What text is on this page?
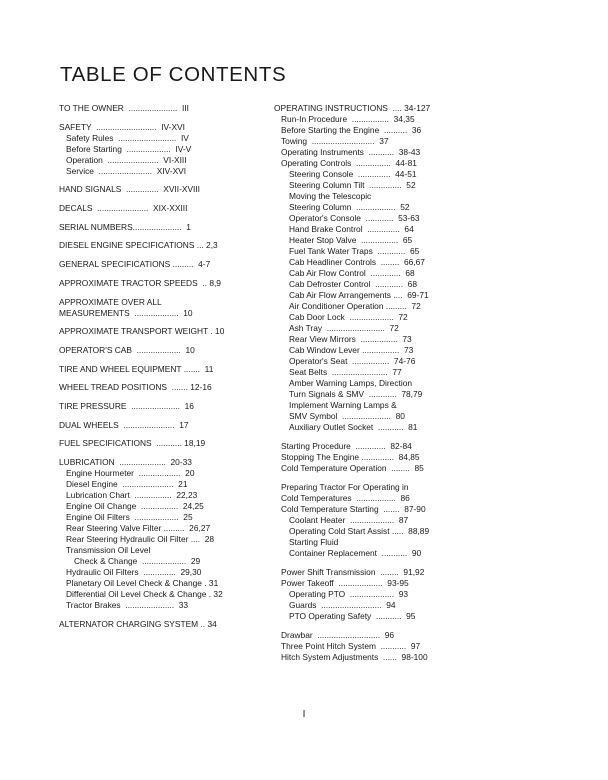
TABLE OF CONTENTS
TO THE OWNER  .....................  III
SAFETY  ..........................  IV-XVI
Safety Rules  .........................  IV
Before Starting  ...................  IV-V
Operation  ......................  VI-XIII
Service  .......................  XIV-XVI
HAND SIGNALS  ..............  XVII-XVIII
DECALS  ......................  XIX-XXIII
SERIAL NUMBERS.....................  1
DIESEL ENGINE SPECIFICATIONS ... 2,3
GENERAL SPECIFICATIONS .........  4-7
APPROXIMATE TRACTOR SPEEDS  .. 8,9
APPROXIMATE OVER ALL
MEASUREMENTS  ...................  10
APPROXIMATE TRANSPORT WEIGHT . 10
OPERATOR'S CAB  ...................  10
TIRE AND WHEEL EQUIPMENT .......  11
WHEEL TREAD POSITIONS  ....... 12-16
TIRE PRESSURE  .....................  16
DUAL WHEELS  ......................  17
FUEL SPECIFICATIONS  ........... 18,19
LUBRICATION  ....................  20-33
Engine Hourmeter  ..................  20
Diesel Engine  ......................  21
Lubrication Chart  ................  22,23
Engine Oil Change  ................  24,25
Engine Oil Filters  ...................  25
Rear Steering Valve Filter .........  26,27
Rear Steering Hydraulic Oil Filter ....  28
Transmission Oil Level
Check & Change  ...................  29
Hydraulic Oil Filters  ..............  29,30
Planetary Oil Level Check & Change . 31
Differential Oil Level Check & Change . 32
Tractor Brakes  .....................  33
ALTERNATOR CHARGING SYSTEM .. 34
OPERATING INSTRUCTIONS  .... 34-127
Run-In Procedure  ................  34,35
Before Starting the Engine  ..........  36
Towing  ...........................  37
Operating Instruments  ...........  38-43
Operating Controls  ...............  44-81
Steering Console  ..............  44-51
Steering Column Tilt  ..............  52
Moving the Telescopic
Steering Column  .................  52
Operator's Console  ............  53-63
Hand Brake Control  ..............  64
Heater Stop Valve  ................  65
Fuel Tank Water Traps  ............  65
Cab Headliner Controls  ........  66,67
Cab Air Flow Control  .............  68
Cab Defroster Control  ............  68
Cab Air Flow Arrangements ....  69-71
Air Conditioner Operation .........  72
Cab Door Lock  ...................  72
Ash Tray  .........................  72
Rear View Mirrors  ................  73
Cab Window Lever ................  73
Operator's Seat  ................  74-76
Seat Belts  ........................  77
Amber Warning Lamps, Direction
Turn Signals & SMV  ............  78,79
Implement Warning Lamps &
SMV Symbol  .....................  80
Auxiliary Outlet Socket  ...........  81
Starting Procedure  .............  82-84
Stopping The Engine ..............  84,85
Cold Temperature Operation  ........  85
Preparing Tractor For Operating in
Cold Temperatures  .................  86
Cold Temperature Starting  .......  87-90
Coolant Heater  ...................  87
Operating Cold Start Assist .....  88,89
Starting Fluid
Container Replacement  ...........  90
Power Shift Transmission  ........  91,92
Power Takeoff  ...................  93-95
Operating PTO  ...................  93
Guards  ..........................  94
PTO Operating Safety  ...........  95
Drawbar  ...........................  96
Three Point Hitch System  ...........  97
Hitch System Adjustments  ......  98-100
I
